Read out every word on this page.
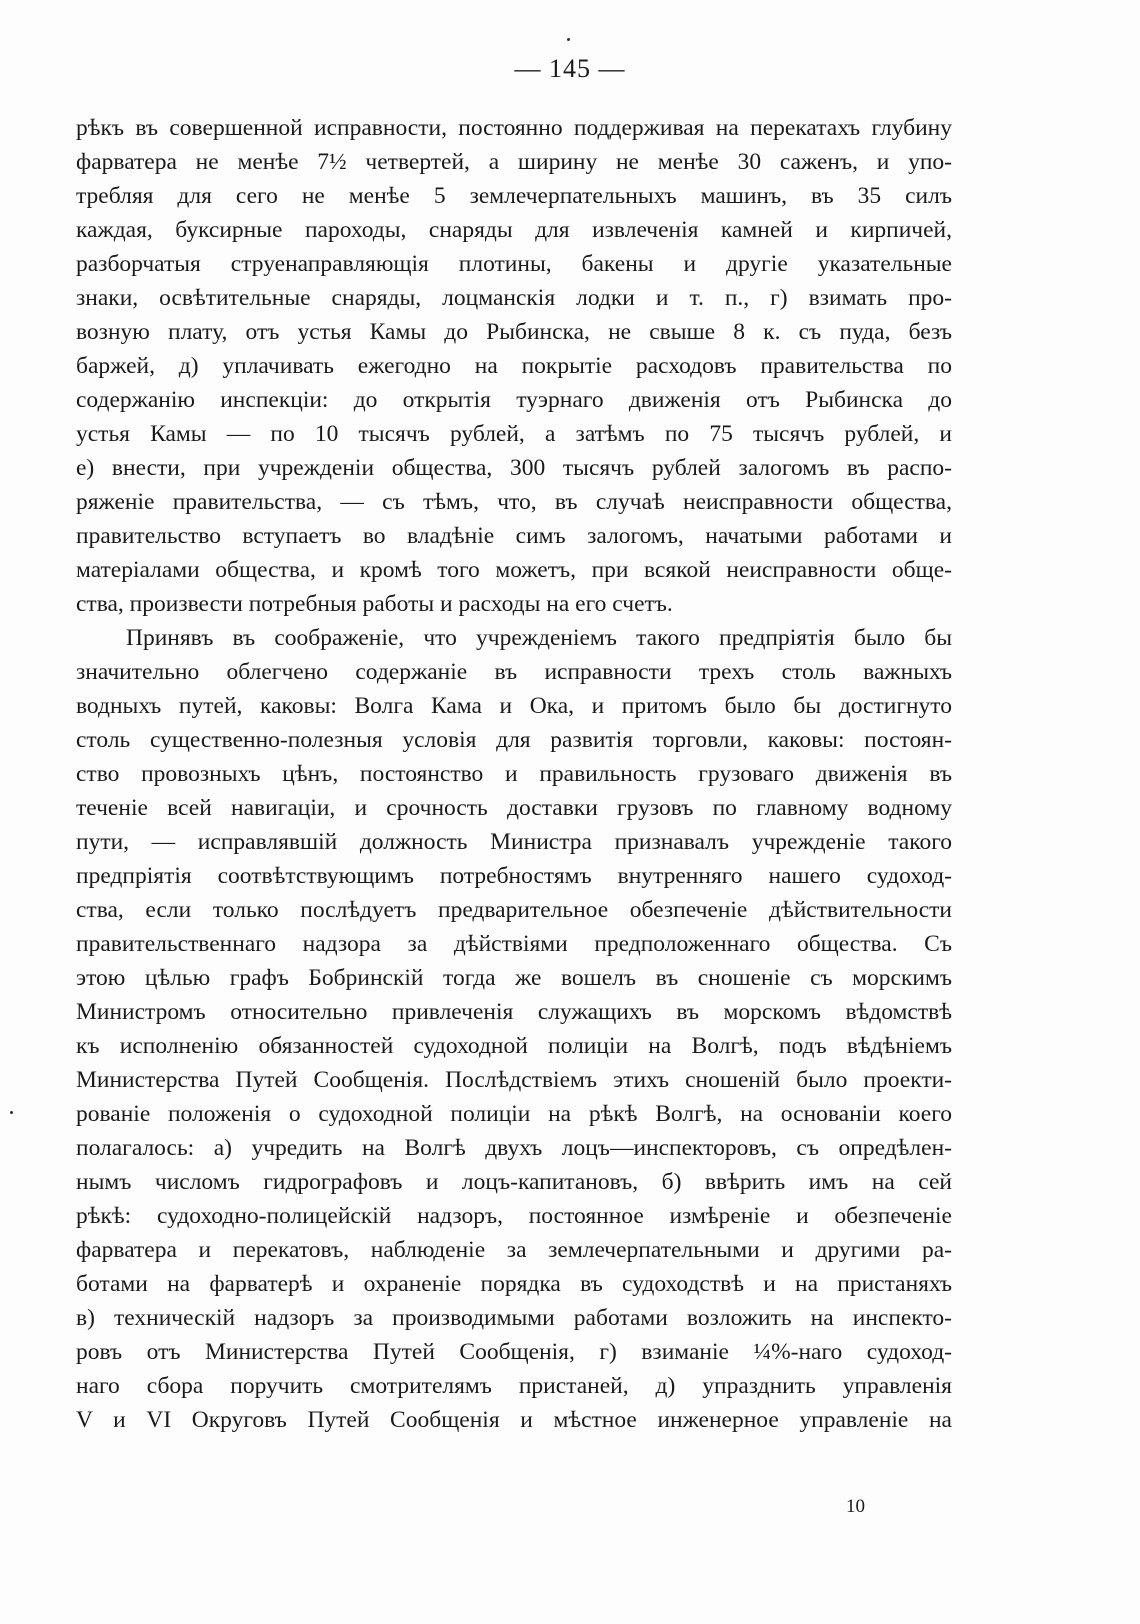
— 145 —
рѣкъ въ совершенной исправности, постоянно поддерживая на перекатахъ глубину
фарватера не менѣе 7½ четвертей, а ширину не менѣе 30 саженъ, и упо-
требляя для сего не менѣе 5 землечерпательныхъ машинъ, въ 35 силъ
каждая, буксирные пароходы, снаряды для извлеченія камней и кирпичей,
разборчатыя струенаправляющія плотины, бакены и другіе указательные
знаки, освѣтительные снаряды, лоцманскія лодки и т. п., г) взимать про-
возную плату, отъ устья Камы до Рыбинска, не свыше 8 к. съ пуда, безъ
баржей, д) уплачивать ежегодно на покрытіе расходовъ правительства по
содержанію инспекціи: до открытія туэрнаго движенія отъ Рыбинска до
устья Камы — по 10 тысячъ рублей, а затѣмъ по 75 тысячъ рублей, и
е) внести, при учрежденіи общества, 300 тысячъ рублей залогомъ въ распо-
ряженіе правительства, — съ тѣмъ, что, въ случаѣ неисправности общества,
правительство вступаетъ во владѣніе симъ залогомъ, начатыми работами и
матеріалами общества, и кромѣ того можетъ, при всякой неисправности обще-
ства, произвести потребныя работы и расходы на его счетъ.
Принявъ въ соображеніе, что учрежденіемъ такого предпріятія было бы
значительно облегчено содержаніе въ исправности трехъ столь важныхъ
водныхъ путей, каковы: Волга Кама и Ока, и притомъ было бы достигнуто
столь существенно-полезныя условія для развитія торговли, каковы: постоян-
ство провозныхъ цѣнъ, постоянство и правильность грузоваго движенія въ
теченіе всей навигаціи, и срочность доставки грузовъ по главному водному
пути, — исправлявшій должность Министра признавалъ учрежденіе такого
предпріятія соотвѣтствующимъ потребностямъ внутренняго нашего судоход-
ства, если только послѣдуетъ предварительное обезпеченіе дѣйствительности
правительственнаго надзора за дѣйствіями предположеннаго общества. Съ
этою цѣлью графъ Бобринскій тогда же вошелъ въ сношеніе съ морскимъ
Министромъ относительно привлеченія служащихъ въ морскомъ вѣдомствѣ
къ исполненію обязанностей судоходной полиціи на Волгѣ, подъ вѣдѣніемъ
Министерства Путей Сообщенія. Послѣдствіемъ этихъ сношеній было проекти-
рованіе положенія о судоходной полиціи на рѣкѣ Волгѣ, на основаніи коего
полагалось: а) учредить на Волгѣ двухъ лоцъ—инспекторовъ, съ опредѣлен-
нымъ числомъ гидрографовъ и лоцъ-капитановъ, б) ввѣрить имъ на сей
рѣкѣ: судоходно-полицейскій надзоръ, постоянное измѣреніе и обезпеченіе
фарватера и перекатовъ, наблюденіе за землечерпательными и другими ра-
ботами на фарватерѣ и охраненіе порядка въ судоходствѣ и на пристаняхъ
в) техническій надзоръ за производимыми работами возложить на инспекто-
ровъ отъ Министерства Путей Сообщенія, г) взиманіе ¼%-наго судоход-
наго сбора поручить смотрителямъ пристаней, д) упразднить управленія
V и VI Округовъ Путей Сообщенія и мѣстное инженерное управленіе на
10
